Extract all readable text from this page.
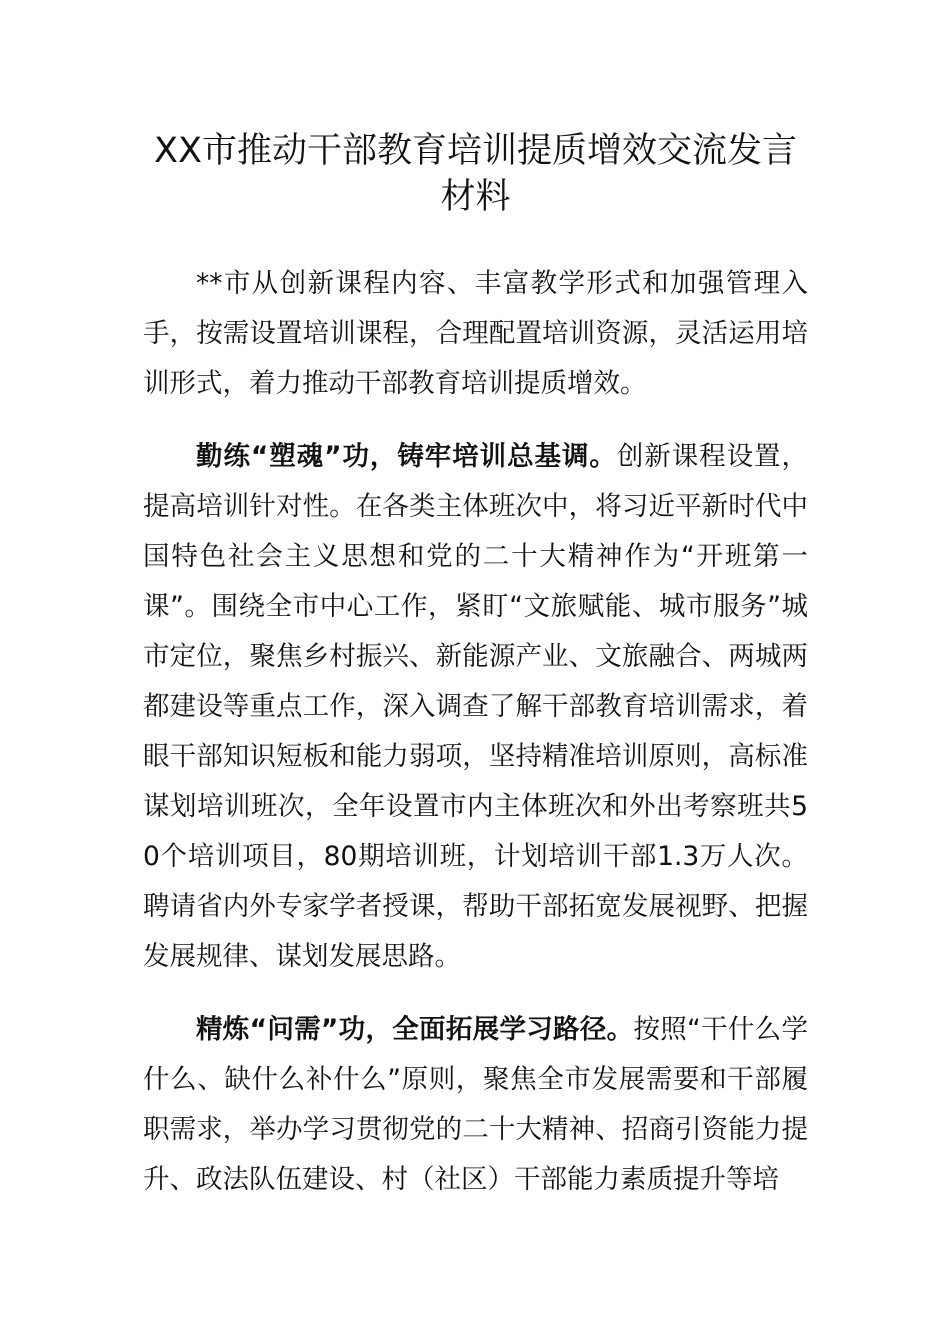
XX市推动干部教育培训提质增效交流发言
材料

**市从创新课程内容、丰富教学形式和加强管理入手，按需设置培训课程，合理配置培训资源，灵活运用培训形式，着力推动干部教育培训提质增效。

勤练“塑魂”功，铸牢培训总基调。创新课程设置，提高培训针对性。在各类主体班次中，将习近平新时代中国特色社会主义思想和党的二十大精神作为“开班第一课”。围绕全市中心工作，紧盯“文旅赋能、城市服务”城市定位，聚焦乡村振兴、新能源产业、文旅融合、两城两都建设等重点工作，深入调查了解干部教育培训需求，着眼干部知识短板和能力弱项，坚持精准培训原则，高标准谋划培训班次，全年设置市内主体班次和外出考察班共50个培训项目，80期培训班，计划培训干部1.3万人次。聘请省内外专家学者授课，帮助干部拓宽发展视野、把握发展规律、谋划发展思路。

精炼“问需”功，全面拓展学习路径。按照“干什么学什么、缺什么补什么”原则，聚焦全市发展需要和干部履职需求，举办学习贯彻党的二十大精神、招商引资能力提升、政法队伍建设、村（社区）干部能力素质提升等培
